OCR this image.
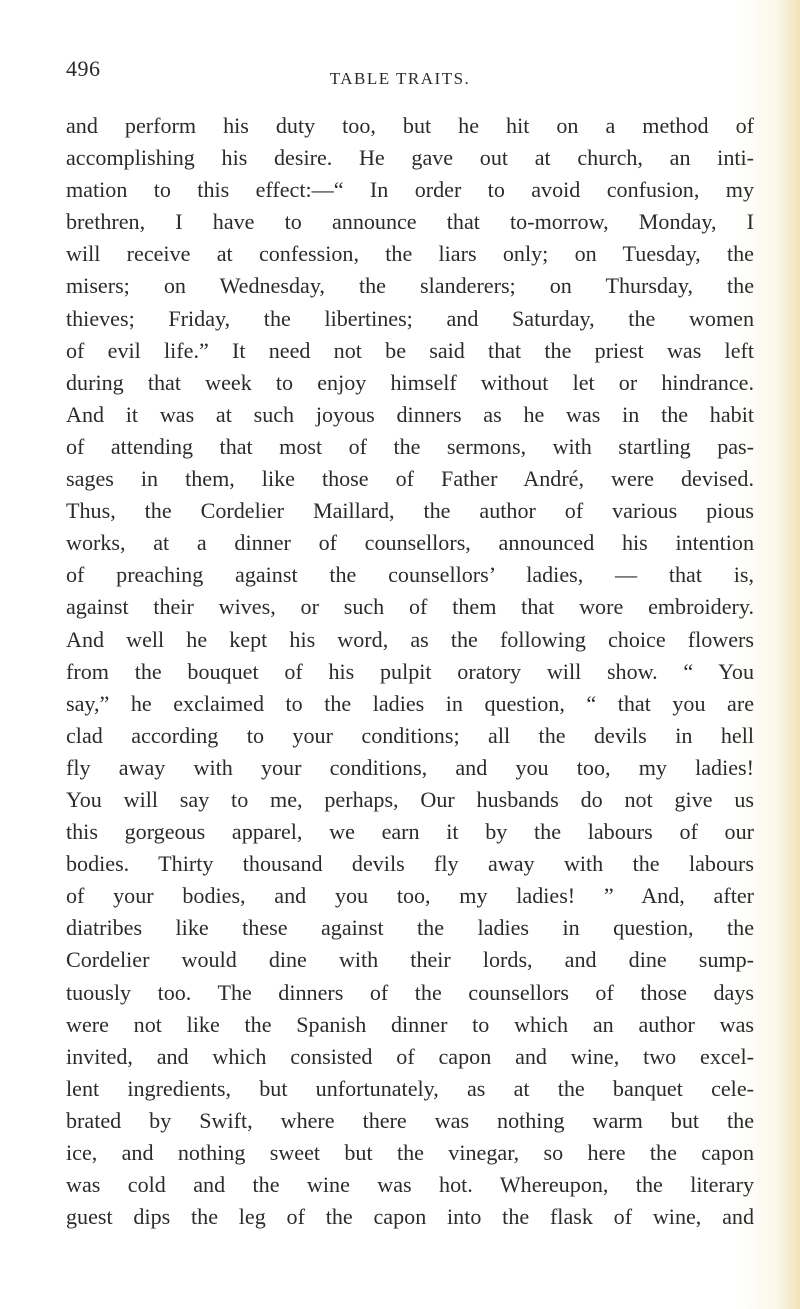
496	TABLE TRAITS.
and perform his duty too, but he hit on a method of
accomplishing his desire. He gave out at church, an inti-
mation to this effect:—“ In order to avoid confusion, my
brethren, I have to announce that to-morrow, Monday, I
will receive at confession, the liars only; on Tuesday, the
misers; on Wednesday, the slanderers; on Thursday, the
thieves; Friday, the libertines; and Saturday, the women
of evil life.” It need not be said that the priest was left
during that week to enjoy himself without let or hindrance.
And it was at such joyous dinners as he was in the habit
of attending that most of the sermons, with startling pas-
sages in them, like those of Father André, were devised.
Thus, the Cordelier Maillard, the author of various pious
works, at a dinner of counsellors, announced his intention
of preaching against the counsellors’ ladies, — that is,
against their wives, or such of them that wore embroidery.
And well he kept his word, as the following choice flowers
from the bouquet of his pulpit oratory will show. “ You
say,” he exclaimed to the ladies in question, “ that you are
clad according to your conditions; all the devils in hell
fly away with your conditions, and you too, my ladies!
You will say to me, perhaps, Our husbands do not give us
this gorgeous apparel, we earn it by the labours of our
bodies. Thirty thousand devils fly away with the labours
of your bodies, and you too, my ladies! ” And, after
diatribes like these against the ladies in question, the
Cordelier would dine with their lords, and dine sump-
tuously too. The dinners of the counsellors of those days
were not like the Spanish dinner to which an author was
invited, and which consisted of capon and wine, two excel-
lent ingredients, but unfortunately, as at the banquet cele-
brated by Swift, where there was nothing warm but the
ice, and nothing sweet but the vinegar, so here the capon
was cold and the wine was hot. Whereupon, the literary
guest dips the leg of the capon into the flask of wine, and
